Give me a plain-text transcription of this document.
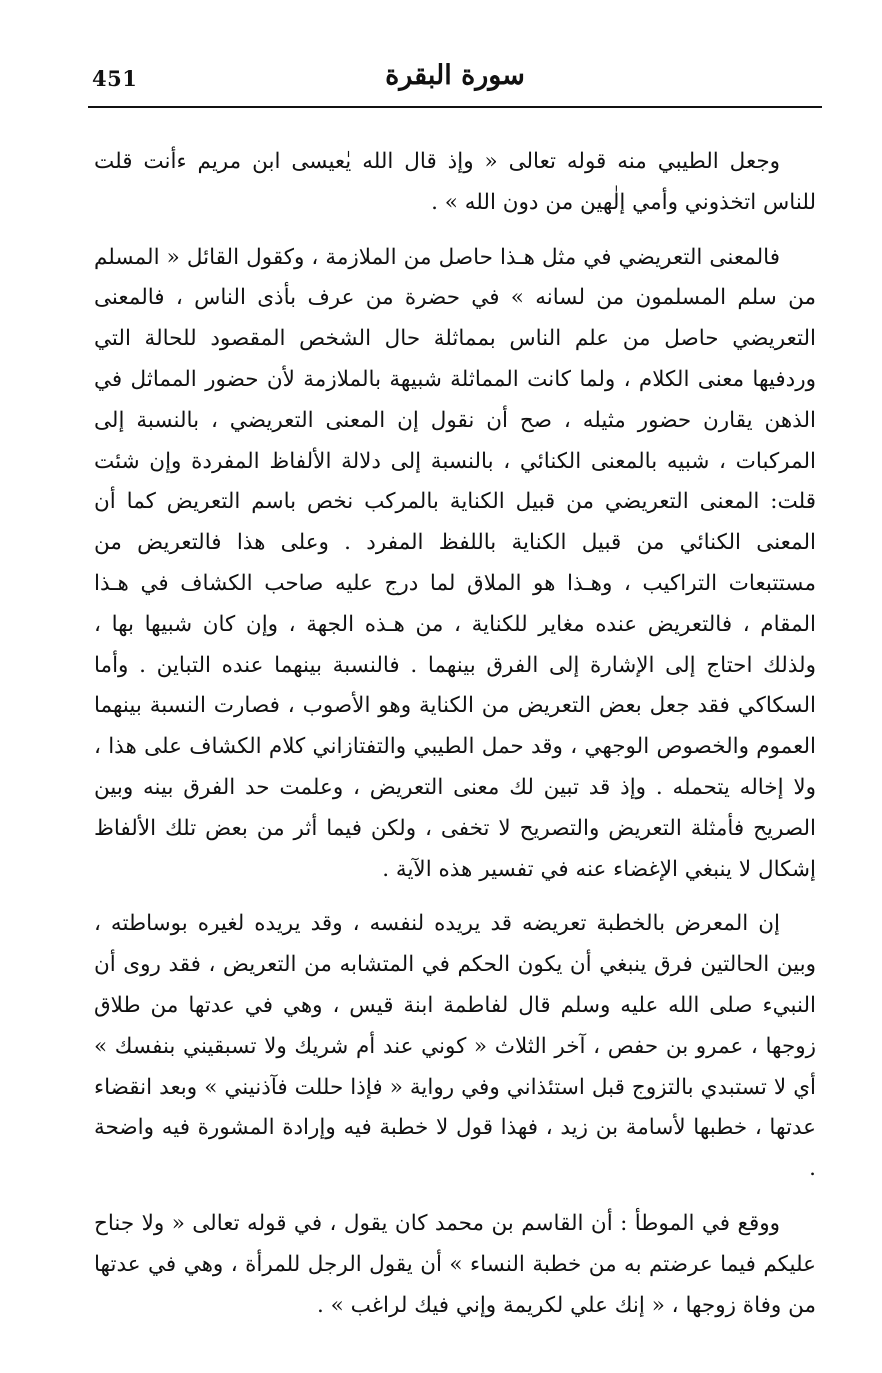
451	سورة البقرة

وجعل الطيبي منه قوله تعالى « وإذ قال الله يٰعيسى ابن مريم ءأنت قلت للناس اتخذوني وأمي إلٰهين من دون الله » .

فالمعنى التعريضي في مثل هـذا حاصل من الملازمة ، وكقول القائل « المسلم من سلم المسلمون من لسانه » في حضرة من عرف بأذى الناس ، فالمعنى التعريضي حاصل من علم الناس بمماثلة حال الشخص المقصود للحالة التي وردفيها معنى الكلام ، ولما كانت المماثلة شبيهة بالملازمة لأن حضور المماثل في الذهن يقارن حضور مثيله ، صح أن نقول إن المعنى التعريضي ، بالنسبة إلى المركبات ، شبيه بالمعنى الكنائي ، بالنسبة إلى دلالة الألفاظ المفردة وإن شئت قلت: المعنى التعريضي من قبيل الكناية بالمركب نخص باسم التعريض كما أن المعنى الكنائي من قبيل الكناية باللفظ المفرد . وعلى هذا فالتعريض من مستتبعات التراكيب ، وهـذا هو الملاق لما درج عليه صاحب الكشاف في هـذا المقام ، فالتعريض عنده مغاير للكناية ، من هـذه الجهة ، وإن كان شبيها بها ، ولذلك احتاج إلى الإشارة إلى الفرق بينهما . فالنسبة بينهما عنده التباين . وأما السكاكي فقد جعل بعض التعريض من الكناية وهو الأصوب ، فصارت النسبة بينهما العموم والخصوص الوجهي ، وقد حمل الطيبي والتفتازاني كلام الكشاف على هذا ، ولا إخاله يتحمله . وإذ قد تبين لك معنى التعريض ، وعلمت حد الفرق بينه وبين الصريح فأمثلة التعريض والتصريح لا تخفى ، ولكن فيما أثر من بعض تلك الألفاظ إشكال لا ينبغي الإغضاء عنه في تفسير هذه الآية .

إن المعرض بالخطبة تعريضه قد يريده لنفسه ، وقد يريده لغيره بوساطته ، وبين الحالتين فرق ينبغي أن يكون الحكم في المتشابه من التعريض ، فقد روى أن النبيء صلى الله عليه وسلم قال لفاطمة ابنة قيس ، وهي في عدتها من طلاق زوجها ، عمرو بن حفص ، آخر الثلاث « كوني عند أم شريك ولا تسبقيني بنفسك » أي لا تستبدي بالتزوج قبل استئذاني وفي رواية « فإذا حللت فآذنيني » وبعد انقضاء عدتها ، خطبها لأسامة بن زيد ، فهذا قول لا خطبة فيه وإرادة المشورة فيه واضحة .

ووقع في الموطأ : أن القاسم بن محمد كان يقول ، في قوله تعالى « ولا جناح عليكم فيما عرضتم به من خطبة النساء » أن يقول الرجل للمرأة ، وهي في عدتها من وفاة زوجها ، « إنك علي لكريمة وإني فيك لراغب » .
